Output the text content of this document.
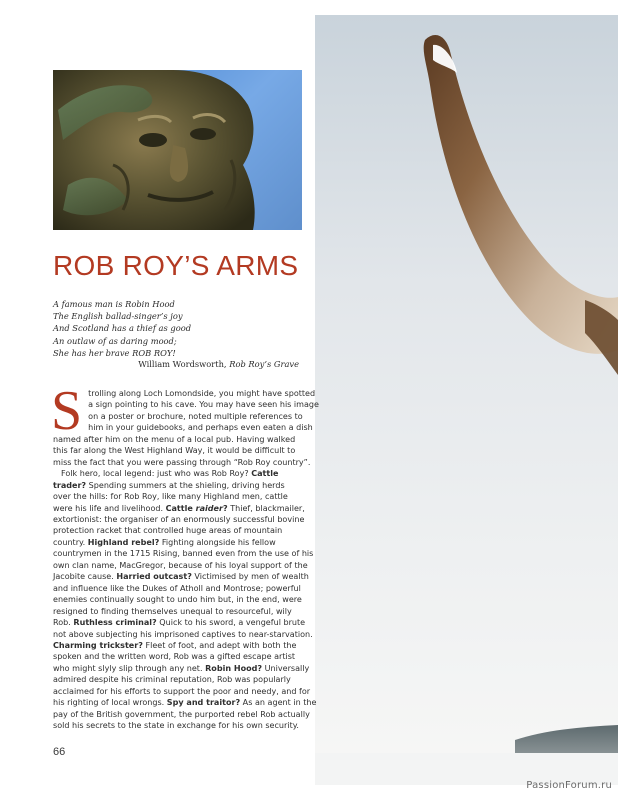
ROB ROY’S ARMS
A famous man is Robin Hood
The English ballad-singer’s joy
And Scotland has a thief as good
An outlaw of as daring mood;
She has her brave ROB ROY!
William Wordsworth, Rob Roy’s Grave
S trolling along Loch Lomondside, you might have spotted
a sign pointing to his cave. You may have seen his image
on a poster or brochure, noted multiple references to
him in your guidebooks, and perhaps even eaten a dish
named after him on the menu of a local pub. Having walked
this far along the West Highland Way, it would be difficult to
miss the fact that you were passing through “Rob Roy country”.
Folk hero, local legend: just who was Rob Roy? Cattle
trader? Spending summers at the shieling, driving herds
over the hills: for Rob Roy, like many Highland men, cattle
were his life and livelihood. Cattle raider? Thief, blackmailer,
extortionist: the organiser of an enormously successful bovine
protection racket that controlled huge areas of mountain
country. Highland rebel? Fighting alongside his fellow
countrymen in the 1715 Rising, banned even from the use of his
own clan name, MacGregor, because of his loyal support of the
Jacobite cause. Harried outcast? Victimised by men of wealth
and influence like the Dukes of Atholl and Montrose; powerful
enemies continually sought to undo him but, in the end, were
resigned to finding themselves unequal to resourceful, wily
Rob. Ruthless criminal? Quick to his sword, a vengeful brute
not above subjecting his imprisoned captives to near-starvation.
Charming trickster? Fleet of foot, and adept with both the
spoken and the written word, Rob was a gifted escape artist
who might slyly slip through any net. Robin Hood? Universally
admired despite his criminal reputation, Rob was popularly
acclaimed for his efforts to support the poor and needy, and for
his righting of local wrongs. Spy and traitor? As an agent in the
pay of the British government, the purported rebel Rob actually
sold his secrets to the state in exchange for his own security.
66
PassionForum.ru
